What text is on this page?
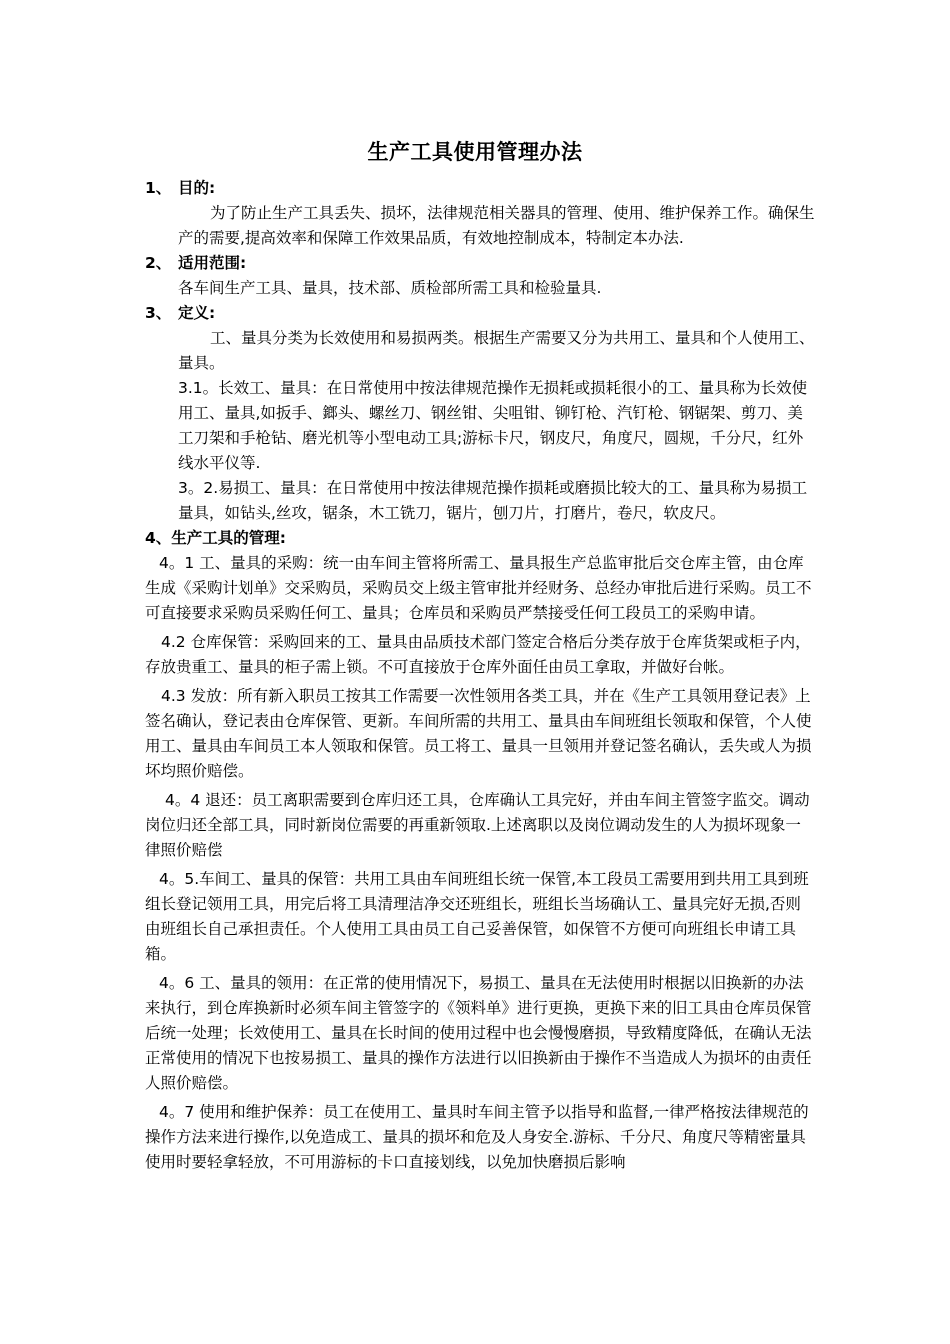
生产工具使用管理办法
1、 目的:

为了防止生产工具丢失、损坏，法律规范相关器具的管理、使用、维护保养工作。确保生产的需要,提高效率和保障工作效果品质，有效地控制成本，特制定本办法.

2、 适用范围:

各车间生产工具、量具，技术部、质检部所需工具和检验量具.

3、 定义:

工、量具分类为长效使用和易损两类。根据生产需要又分为共用工、量具和个人使用工、量具。

3.1。长效工、量具：在日常使用中按法律规范操作无损耗或损耗很小的工、量具称为长效使用工、量具,如扳手、鎯头、螺丝刀、钢丝钳、尖咀钳、铆钉枪、汽钉枪、钢锯架、剪刀、美工刀架和手枪钻、磨光机等小型电动工具;游标卡尺，钢皮尺，角度尺，圆规，千分尺，红外线水平仪等.

3。2.易损工、量具：在日常使用中按法律规范操作损耗或磨损比较大的工、量具称为易损工量具，如钻头,丝攻，锯条，木工铣刀，锯片，刨刀片，打磨片，卷尺，软皮尺。

4、生产工具的管理:

4。1 工、量具的采购：统一由车间主管将所需工、量具报生产总监审批后交仓库主管，由仓库生成《采购计划单》交采购员，采购员交上级主管审批并经财务、总经办审批后进行采购。员工不可直接要求采购员采购任何工、量具；仓库员和采购员严禁接受任何工段员工的采购申请。

4.2 仓库保管：采购回来的工、量具由品质技术部门签定合格后分类存放于仓库货架或柜子内，存放贵重工、量具的柜子需上锁。不可直接放于仓库外面任由员工拿取，并做好台帐。

4.3 发放：所有新入职员工按其工作需要一次性领用各类工具，并在《生产工具领用登记表》上签名确认，登记表由仓库保管、更新。车间所需的共用工、量具由车间班组长领取和保管，个人使用工、量具由车间员工本人领取和保管。员工将工、量具一旦领用并登记签名确认，丢失或人为损坏均照价赔偿。

4。4 退还：员工离职需要到仓库归还工具，仓库确认工具完好，并由车间主管签字监交。调动岗位归还全部工具，同时新岗位需要的再重新领取.上述离职以及岗位调动发生的人为损坏现象一律照价赔偿

4。5.车间工、量具的保管：共用工具由车间班组长统一保管,本工段员工需要用到共用工具到班组长登记领用工具，用完后将工具清理洁净交还班组长，班组长当场确认工、量具完好无损,否则由班组长自己承担责任。个人使用工具由员工自己妥善保管，如保管不方便可向班组长申请工具箱。

4。6 工、量具的领用：在正常的使用情况下，易损工、量具在无法使用时根据以旧换新的办法来执行，到仓库换新时必须车间主管签字的《领料单》进行更换，更换下来的旧工具由仓库员保管后统一处理；长效使用工、量具在长时间的使用过程中也会慢慢磨损，导致精度降低，在确认无法正常使用的情况下也按易损工、量具的操作方法进行以旧换新由于操作不当造成人为损坏的由责任人照价赔偿。

4。7 使用和维护保养：员工在使用工、量具时车间主管予以指导和监督,一律严格按法律规范的操作方法来进行操作,以免造成工、量具的损坏和危及人身安全.游标、千分尺、角度尺等精密量具使用时要轻拿轻放，不可用游标的卡口直接划线，以免加快磨损后影响
